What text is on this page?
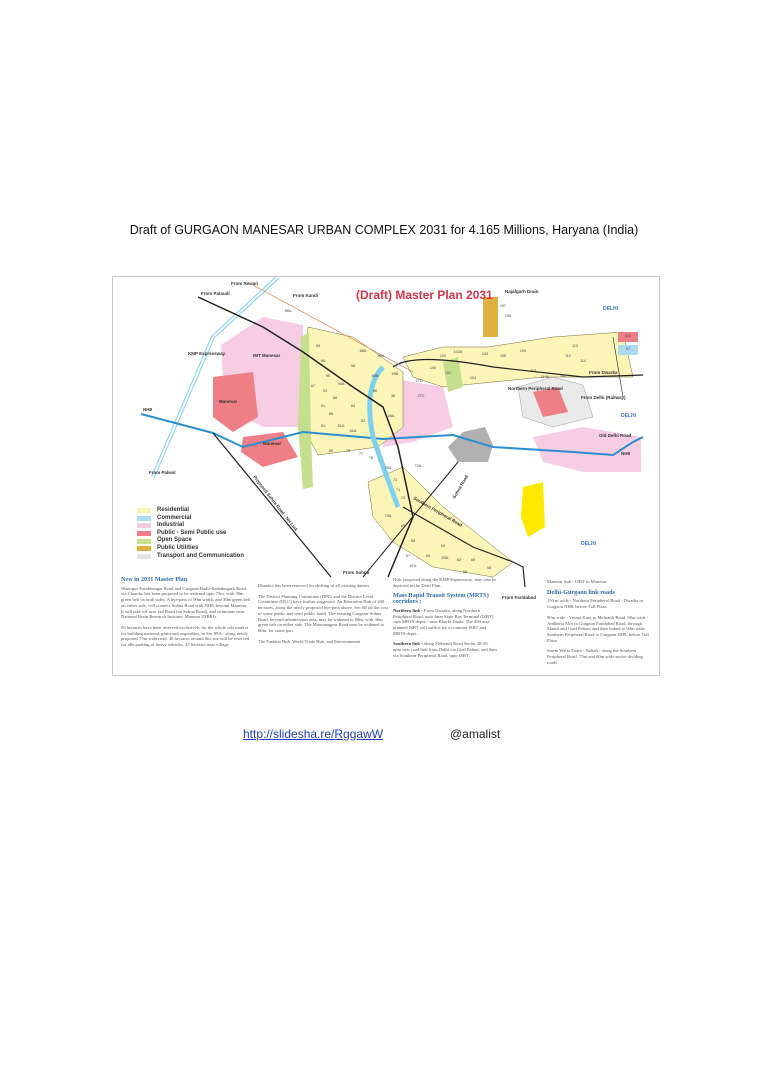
Draft of GURGAON MANESAR URBAN COMPLEX 2031 for 4.165 Millions, Haryana (India)
(Draft) Master Plan 2031
From Rewari
From Pataudi	From Kandi
KMP Expressway	IMT Manesar
Manesar
Manesar
NH8
From Palwal
Najafgarh Drain
DELHI
DELHI
DELHI
From Dwarka
From Delhi (Railway)
Old Delhi Road
NH8
Northern Peripheral Road
Proposed Sohna Road - NH Link	Sohna Road
Southern Peripheral Road
From Sohna
From Faridabad
99
96
95
95A
92
91
87
88
89
81
84
81A
82A
83
80	78
77
76
75A
73
71
72
72A
70A
69
68
67
67A
64
63
63A 62	65
58
59
86
36
36A
37D
37C
98
99A
99B
102
102A	103
104
100
101
106
107
108
109
110
110A	111
112
113
114
115
97
86A
88A
88B
Residential
Commercial
Industrial
Public - Semi Public use
Open Space
Public Utilities
Transport and Communication
New in 2031 Master Plan

Wazirpur-Farukhnagar Road and Gurgaon-Badli-Bahadurgarh Road, via Chandu, has been proposed to be widened upto 75m, with 30m green belt on both sides. A bye-pass of 90m width, and 30m green belt on either side, will connect Sohna Road with NH8, beyond Manesar. It will take off near Jail Road (on Sohna Road), and culminate near National Brain Research Institute, Manesar (NBRI).

50 hectares have been reserved exclusively for the whole sale market for building material, grain and vegetables, in Sec 99A - along newly proposed 75m wide road. 40 hectares around this site will be reserved for idle parking of heavy vehicles. 45 hectares near village

Dhankot has been reserved for shifting of all existing dairies.

The District Planning Committee (DPC) and the District Level Committee (DLC) have further suggested: An Education Hub of 200 hectares, along the newly proposed bye-pass above. Sec 68 (at the cost of some public and semi public land). The existing Gurgaon-Sohna Road, beyond urbanization area, may be widened to 60m, with 30m green belt on either side. The Mauranagpur Road may be widened to 60m, for some part.

The Fashion Hub, World Trade Hub, and Entertainment

Hub, proposed along the KMP Expressway, may also be depicted in the Draft Plan.

Mass Rapid Transit System (MRTS) corridors :

Northern link - From Dwarka, along Northern Peripheral Road, upto Inter State Bus Terminal (ISBT) cum MRTS depot - near Kherki Daula. The 400 acre planned ISBT will suffice for a common ISBT and MRTS depot.

Southern link - along Mehrauli Road Sector 28-29, upto new road link from Delhi via Gual Pahari, and then via Southern Peripheral Road, upto ISBT.

Manesar link - ISBT to Manesar

Delhi-Gurgaon link roads

150 m wide - Northern Peripheral Road - Dwarka to Gurgaon NH8, before Toll Plaza

90m wide - Vasant Kunj to Mehrauli Road. 90m wide - Andheria Mor to Gurgaon Faridabad Road, through Mandi and Gual Pahari; and then linked to 90m wide Southern Peripheral Road to Gurgaon NH8, before Toll Plaza

Storm Water Drain - Nallah - along the Southern Peripheral Road. 75m and 60m wide sector dividing roads

http://slidesha.re/RggawW	@amalist
